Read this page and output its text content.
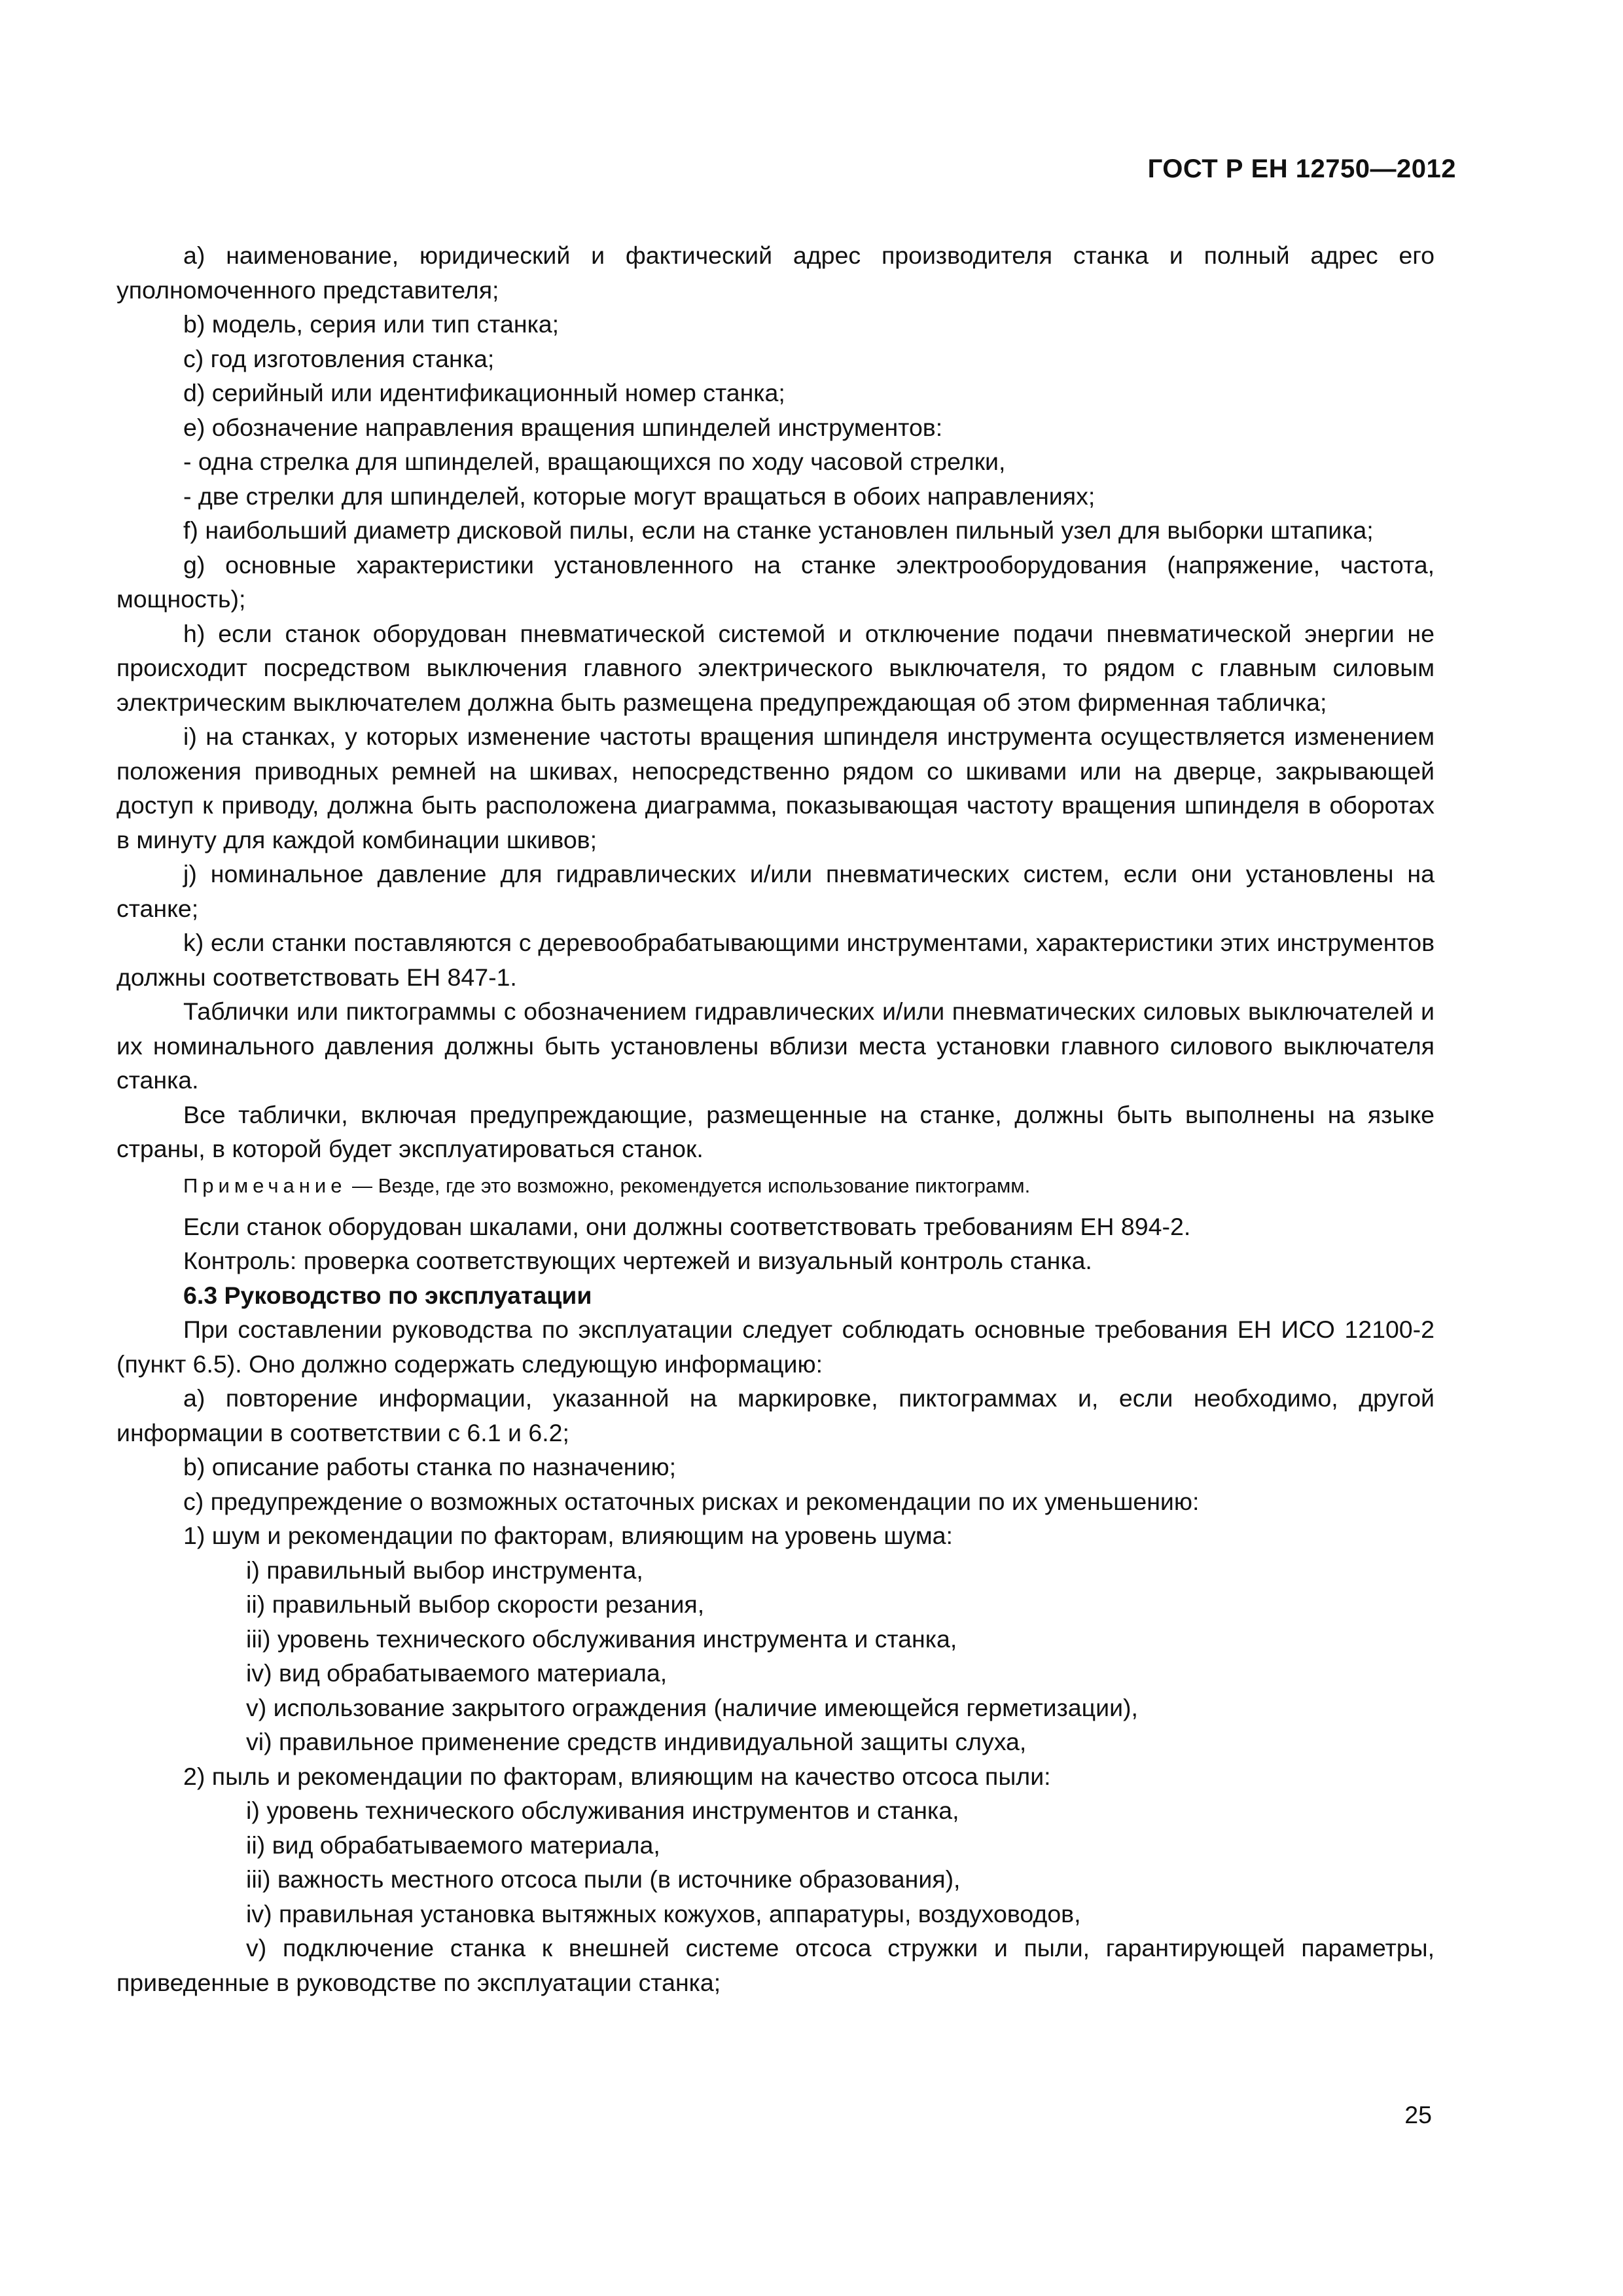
ГОСТ Р ЕН 12750—2012

a) наименование, юридический и фактический адрес производителя станка и полный адрес его уполномоченного представителя;

b) модель, серия или тип станка;

c) год изготовления станка;

d) серийный или идентификационный номер станка;

e) обозначение направления вращения шпинделей инструментов:

- одна стрелка для шпинделей, вращающихся по ходу часовой стрелки,

- две стрелки для шпинделей, которые могут вращаться в обоих направлениях;

f) наибольший диаметр дисковой пилы, если на станке установлен пильный узел для выборки штапика;

g) основные характеристики установленного на станке электрооборудования (напряжение, частота, мощность);

h) если станок оборудован пневматической системой и отключение подачи пневматической энергии не происходит посредством выключения главного электрического выключателя, то рядом с главным силовым электрическим выключателем должна быть размещена предупреждающая об этом фирменная табличка;

i) на станках, у которых изменение частоты вращения шпинделя инструмента осуществляется изменением положения приводных ремней на шкивах, непосредственно рядом со шкивами или на дверце, закрывающей доступ к приводу, должна быть расположена диаграмма, показывающая частоту вращения шпинделя в оборотах в минуту для каждой комбинации шкивов;

j) номинальное давление для гидравлических и/или пневматических систем, если они установлены на станке;

k) если станки поставляются с деревообрабатывающими инструментами, характеристики этих инструментов должны соответствовать ЕН 847-1.

Таблички или пиктограммы с обозначением гидравлических и/или пневматических силовых выключателей и их номинального давления должны быть установлены вблизи места установки главного силового выключателя станка.

Все таблички, включая предупреждающие, размещенные на станке, должны быть выполнены на языке страны, в которой будет эксплуатироваться станок.

Примечание — Везде, где это возможно, рекомендуется использование пиктограмм.

Если станок оборудован шкалами, они должны соответствовать требованиям ЕН 894-2.

Контроль: проверка соответствующих чертежей и визуальный контроль станка.

6.3 Руководство по эксплуатации

При составлении руководства по эксплуатации следует соблюдать основные требования ЕН ИСО 12100-2 (пункт 6.5). Оно должно содержать следующую информацию:

a) повторение информации, указанной на маркировке, пиктограммах и, если необходимо, другой информации в соответствии с 6.1 и 6.2;

b) описание работы станка по назначению;

c) предупреждение о возможных остаточных рисках и рекомендации по их уменьшению:

1) шум и рекомендации по факторам, влияющим на уровень шума:

i) правильный выбор инструмента,

ii) правильный выбор скорости резания,

iii) уровень технического обслуживания инструмента и станка,

iv) вид обрабатываемого материала,

v) использование закрытого ограждения (наличие имеющейся герметизации),

vi) правильное применение средств индивидуальной защиты слуха,

2) пыль и рекомендации по факторам, влияющим на качество отсоса пыли:

i) уровень технического обслуживания инструментов и станка,

ii) вид обрабатываемого материала,

iii) важность местного отсоса пыли (в источнике образования),

iv) правильная установка вытяжных кожухов, аппаратуры, воздуховодов,

v) подключение станка к внешней системе отсоса стружки и пыли, гарантирующей параметры, приведенные в руководстве по эксплуатации станка;

25
